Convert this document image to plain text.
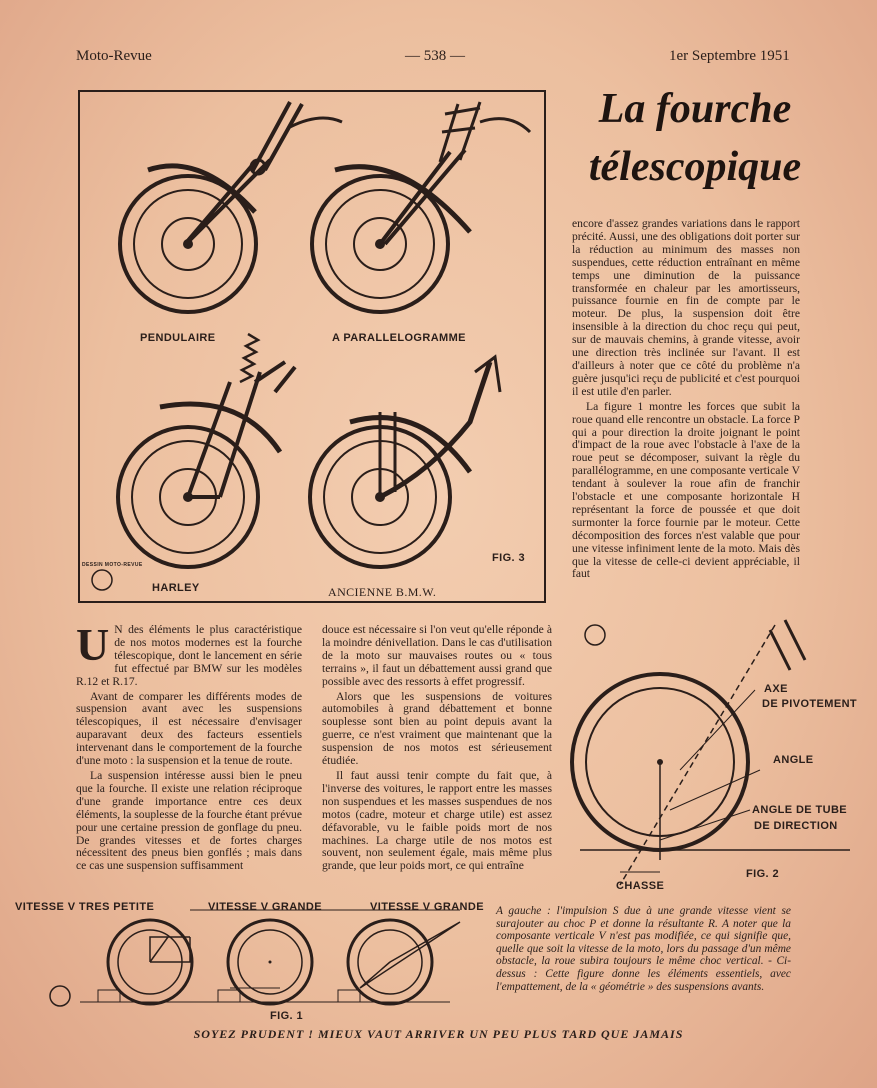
Moto-Revue	— 538 —	1er Septembre 1951
PENDULAIRE	A PARALLELOGRAMME
HARLEY	ANCIENNE B.M.W.
FIG. 3
DESSIN MOTO-REVUE
La fourche
télescopique

encore d'assez grandes variations dans le rapport précité. Aussi, une des obligations doit porter sur la réduction au minimum des masses non suspendues, cette réduction entraînant en même temps une diminution de la puissance transformée en chaleur par les amortisseurs, puissance fournie en fin de compte par le moteur. De plus, la suspension doit être insensible à la direction du choc reçu qui peut, sur de mauvais chemins, à grande vitesse, avoir une direction très inclinée sur l'avant. Il est d'ailleurs à noter que ce côté du problème n'a guère jusqu'ici reçu de publicité et c'est pourquoi il est utile d'en parler.

La figure 1 montre les forces que subit la roue quand elle rencontre un obstacle. La force P qui a pour direction la droite joignant le point d'impact de la roue avec l'obstacle à l'axe de la roue peut se décomposer, suivant la règle du parallélogramme, en une composante verticale V tendant à soulever la roue afin de franchir l'obstacle et une composante horizontale H représentant la force de poussée et que doit surmonter la force fournie par le moteur. Cette décomposition des forces n'est valable que pour une vitesse infiniment lente de la moto. Mais dès que la vitesse de celle-ci devient appréciable, il faut

U N des éléments le plus caractéristique de nos motos modernes est la fourche télescopique, dont le lancement en série fut effectué par BMW sur les modèles R.12 et R.17.

Avant de comparer les différents modes de suspension avant avec les suspensions télescopiques, il est nécessaire d'envisager auparavant deux des facteurs essentiels intervenant dans le comportement de la fourche d'une moto : la suspension et la tenue de route.

La suspension intéresse aussi bien le pneu que la fourche. Il existe une relation réciproque d'une grande importance entre ces deux éléments, la souplesse de la fourche étant prévue pour une certaine pression de gonflage du pneu. De grandes vitesses et de fortes charges nécessitent des pneus bien gonflés ; mais dans ce cas une suspension suffisamment

douce est nécessaire si l'on veut qu'elle réponde à la moindre dénivellation. Dans le cas d'utilisation de la moto sur mauvaises routes ou « tous terrains », il faut un débattement aussi grand que possible avec des ressorts à effet progressif.

Alors que les suspensions de voitures automobiles à grand débattement et bonne souplesse sont bien au point depuis avant la guerre, ce n'est vraiment que maintenant que la suspension de nos motos est sérieusement étudiée.

Il faut aussi tenir compte du fait que, à l'inverse des voitures, le rapport entre les masses non suspendues et les masses suspendues de nos motos (cadre, moteur et charge utile) est assez défavorable, vu le faible poids mort de nos machines. La charge utile de nos motos est souvent, non seulement égale, mais même plus grande, que leur poids mort, ce qui entraîne

AXE
DE PIVOTEMENT
ANGLE
ANGLE DE TUBE
DE DIRECTION
CHASSE
FIG. 2
VITESSE V TRES PETITE	VITESSE V GRANDE	VITESSE V GRANDE
FIG. 1
A gauche : l'impulsion S due à une grande vitesse vient se surajouter au choc P et donne la résultante R. A noter que la composante verticale V n'est pas modifiée, ce qui signifie que, quelle que soit la vitesse de la moto, lors du passage d'un même obstacle, la roue subira toujours le même choc vertical. - Ci-dessus : Cette figure donne les éléments essentiels, avec l'empattement, de la « géométrie » des suspensions avants.
SOYEZ PRUDENT ! MIEUX VAUT ARRIVER UN PEU PLUS TARD QUE JAMAIS
